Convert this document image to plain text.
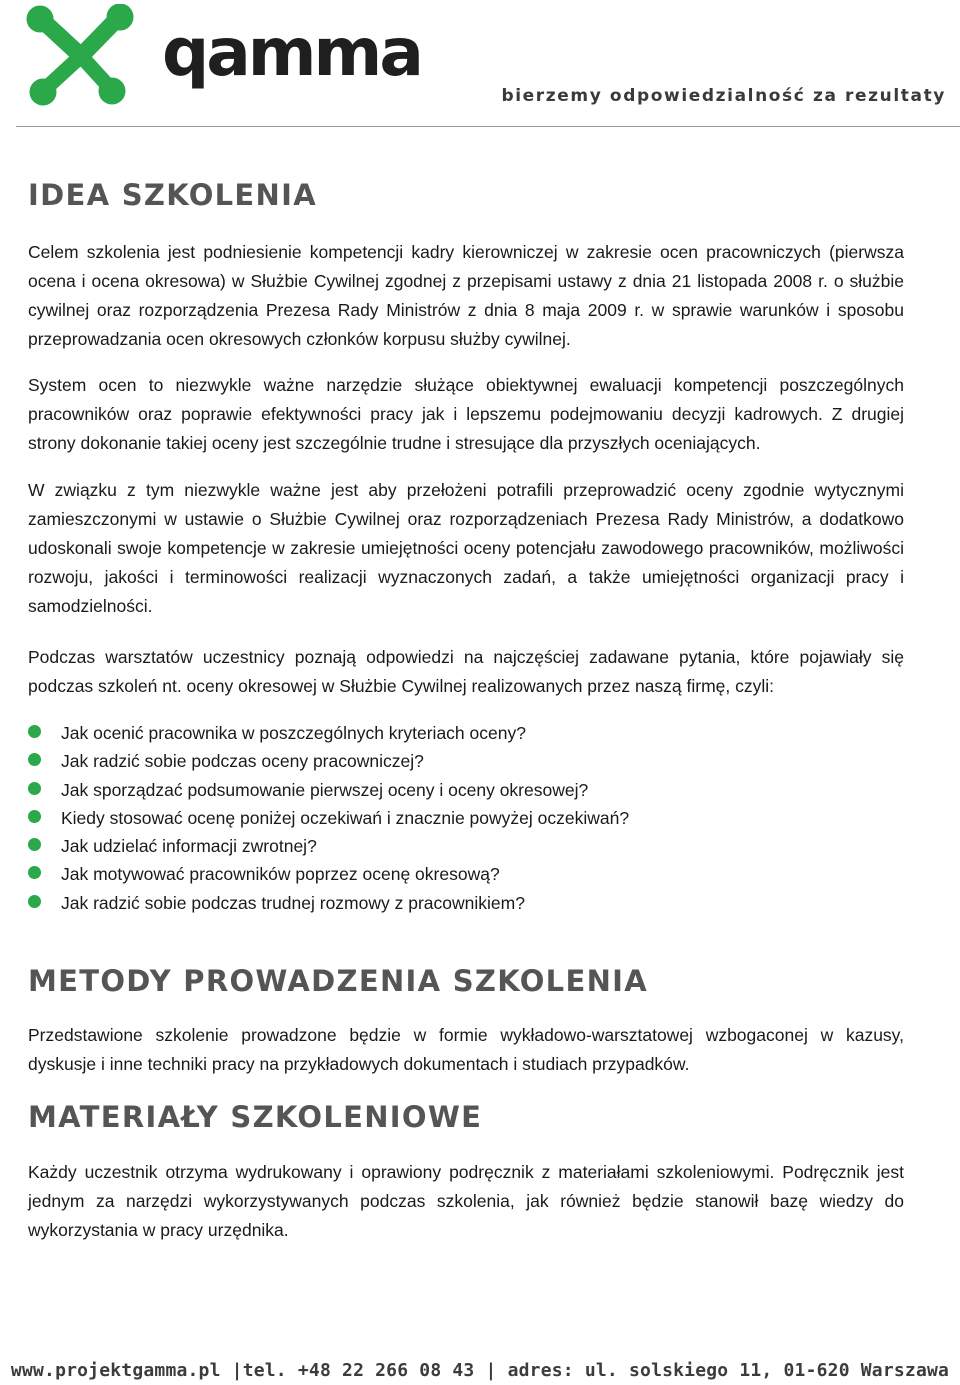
qamma
bierzemy odpowiedzialność za rezultaty
IDEA SZKOLENIA

Celem szkolenia jest podniesienie kompetencji kadry kierowniczej w zakresie ocen pracowniczych (pierwsza ocena i ocena okresowa) w Służbie Cywilnej zgodnej z przepisami ustawy z dnia 21 listopada 2008 r. o służbie cywilnej oraz rozporządzenia Prezesa Rady Ministrów z dnia 8 maja 2009 r. w sprawie warunków i sposobu przeprowadzania ocen okresowych członków korpusu służby cywilnej.

System ocen to niezwykle ważne narzędzie służące obiektywnej ewaluacji kompetencji poszczególnych pracowników oraz poprawie efektywności pracy jak i lepszemu podejmowaniu decyzji kadrowych. Z drugiej strony dokonanie takiej oceny jest szczególnie trudne i stresujące dla przyszłych oceniających.

W związku z tym niezwykle ważne jest aby przełożeni potrafili przeprowadzić oceny zgodnie wytycznymi zamieszczonymi w ustawie o Służbie Cywilnej oraz rozporządzeniach Prezesa Rady Ministrów, a dodatkowo udoskonali swoje kompetencje w zakresie umiejętności oceny potencjału zawodowego pracowników, możliwości rozwoju, jakości i terminowości realizacji wyznaczonych zadań, a także umiejętności organizacji pracy i samodzielności.

Podczas warsztatów uczestnicy poznają odpowiedzi na najczęściej zadawane pytania, które pojawiały się podczas szkoleń nt. oceny okresowej w Służbie Cywilnej realizowanych przez naszą firmę, czyli:

Jak ocenić pracownika w poszczególnych kryteriach oceny?
Jak radzić sobie podczas oceny pracowniczej?
Jak sporządzać podsumowanie pierwszej oceny i oceny okresowej?
Kiedy stosować ocenę poniżej oczekiwań i znacznie powyżej oczekiwań?
Jak udzielać informacji zwrotnej?
Jak motywować pracowników poprzez ocenę okresową?
Jak radzić sobie podczas trudnej rozmowy z pracownikiem?
METODY PROWADZENIA SZKOLENIA

Przedstawione szkolenie prowadzone będzie w formie wykładowo-warsztatowej wzbogaconej w kazusy, dyskusje i inne techniki pracy na przykładowych dokumentach i studiach przypadków.

MATERIAŁY SZKOLENIOWE

Każdy uczestnik otrzyma wydrukowany i oprawiony podręcznik z materiałami szkoleniowymi. Podręcznik jest jednym za narzędzi wykorzystywanych podczas szkolenia, jak również będzie stanowił bazę wiedzy do wykorzystania w pracy urzędnika.

www.projektgamma.pl |tel. +48 22 266 08 43 | adres: ul. solskiego 11, 01-620 Warszawa
